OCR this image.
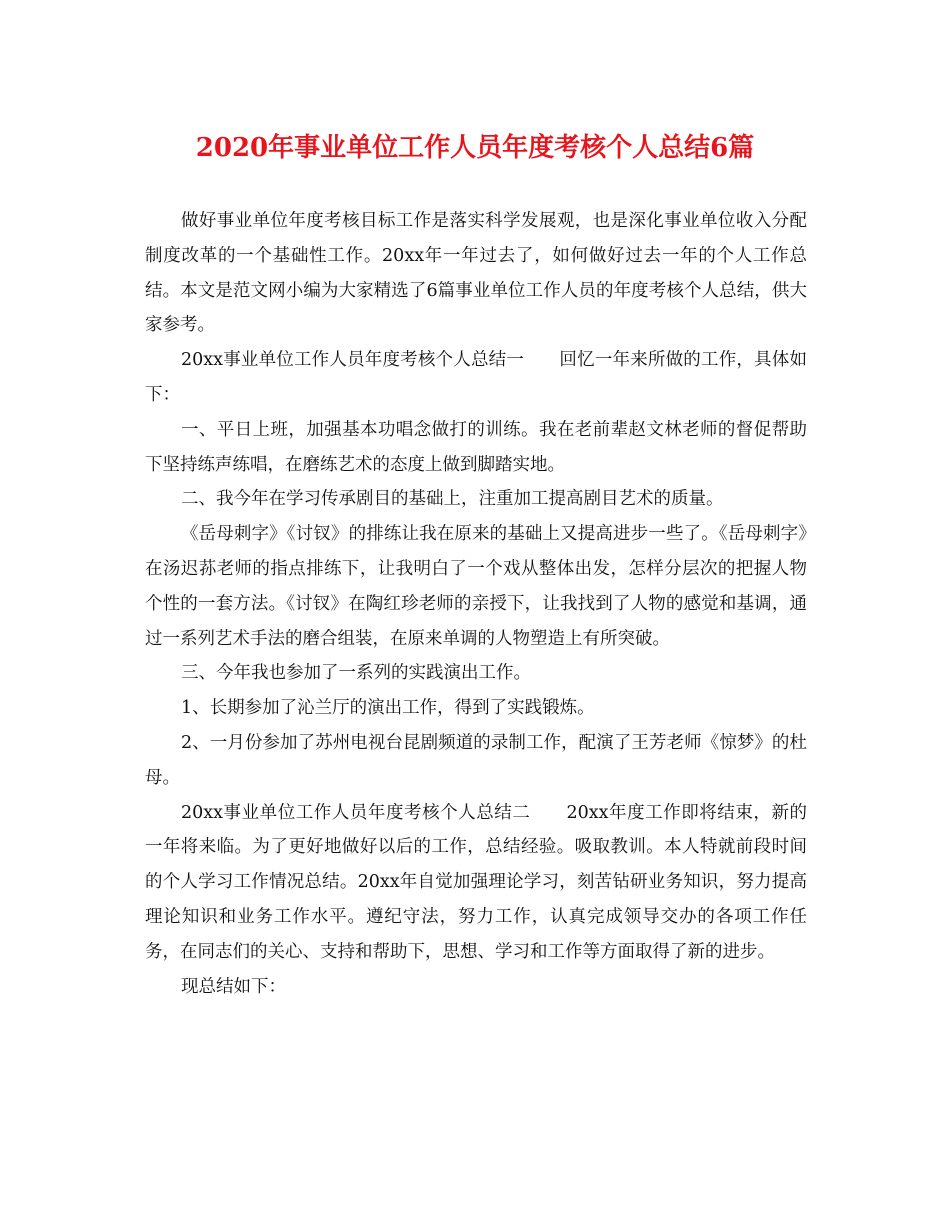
2020年事业单位工作人员年度考核个人总结6篇

做好事业单位年度考核目标工作是落实科学发展观，也是深化事业单位收入分配制度改革的一个基础性工作。20xx年一年过去了，如何做好过去一年的个人工作总结。本文是范文网小编为大家精选了6篇事业单位工作人员的年度考核个人总结，供大家参考。

20xx事业单位工作人员年度考核个人总结一　　回忆一年来所做的工作，具体如下：

一、平日上班，加强基本功唱念做打的训练。我在老前辈赵文林老师的督促帮助下坚持练声练唱，在磨练艺术的态度上做到脚踏实地。

二、我今年在学习传承剧目的基础上，注重加工提高剧目艺术的质量。

《岳母刺字》《讨钗》的排练让我在原来的基础上又提高进步一些了。《岳母刺字》在汤迟荪老师的指点排练下，让我明白了一个戏从整体出发，怎样分层次的把握人物个性的一套方法。《讨钗》在陶红珍老师的亲授下，让我找到了人物的感觉和基调，通过一系列艺术手法的磨合组装，在原来单调的人物塑造上有所突破。

三、今年我也参加了一系列的实践演出工作。

1、长期参加了沁兰厅的演出工作，得到了实践锻炼。

2、一月份参加了苏州电视台昆剧频道的录制工作，配演了王芳老师《惊梦》的杜母。

20xx事业单位工作人员年度考核个人总结二　　20xx年度工作即将结束，新的一年将来临。为了更好地做好以后的工作，总结经验。吸取教训。本人特就前段时间的个人学习工作情况总结。20xx年自觉加强理论学习，刻苦钻研业务知识，努力提高理论知识和业务工作水平。遵纪守法，努力工作，认真完成领导交办的各项工作任务，在同志们的关心、支持和帮助下，思想、学习和工作等方面取得了新的进步。

现总结如下：
